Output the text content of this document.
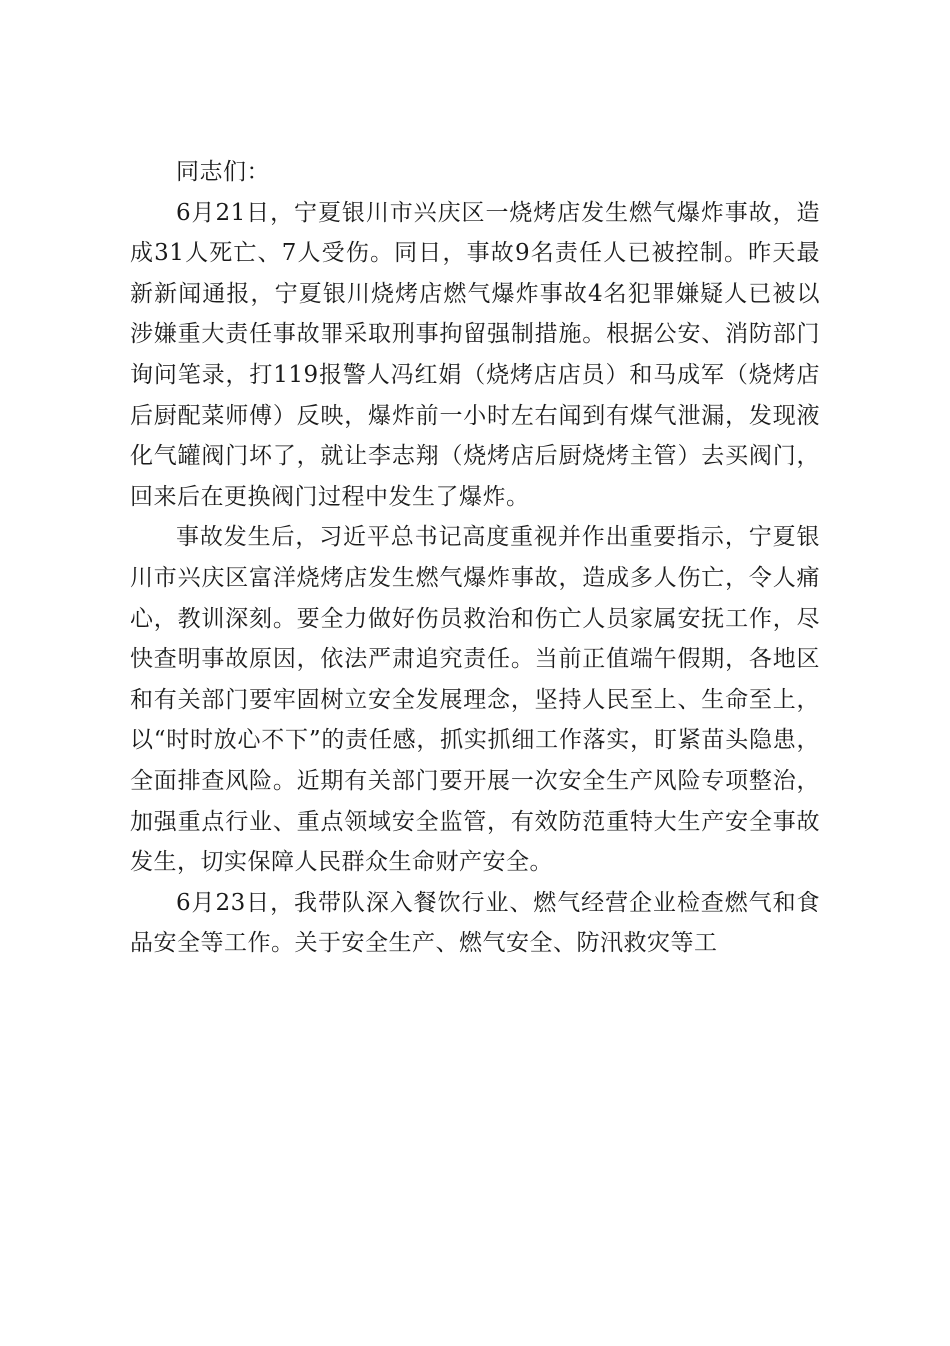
同志们：

6月21日，宁夏银川市兴庆区一烧烤店发生燃气爆炸事故，造成31人死亡、7人受伤。同日，事故9名责任人已被控制。昨天最新新闻通报，宁夏银川烧烤店燃气爆炸事故4名犯罪嫌疑人已被以涉嫌重大责任事故罪采取刑事拘留强制措施。根据公安、消防部门询问笔录，打119报警人冯红娟（烧烤店店员）和马成军（烧烤店后厨配菜师傅）反映，爆炸前一小时左右闻到有煤气泄漏，发现液化气罐阀门坏了，就让李志翔（烧烤店后厨烧烤主管）去买阀门，回来后在更换阀门过程中发生了爆炸。

事故发生后，习近平总书记高度重视并作出重要指示，宁夏银川市兴庆区富洋烧烤店发生燃气爆炸事故，造成多人伤亡，令人痛心，教训深刻。要全力做好伤员救治和伤亡人员家属安抚工作，尽快查明事故原因，依法严肃追究责任。当前正值端午假期，各地区和有关部门要牢固树立安全发展理念，坚持人民至上、生命至上，以“时时放心不下”的责任感，抓实抓细工作落实，盯紧苗头隐患，全面排查风险。近期有关部门要开展一次安全生产风险专项整治，加强重点行业、重点领域安全监管，有效防范重特大生产安全事故发生，切实保障人民群众生命财产安全。

6月23日，我带队深入餐饮行业、燃气经营企业检查燃气和食品安全等工作。关于安全生产、燃气安全、防汛救灾等工
